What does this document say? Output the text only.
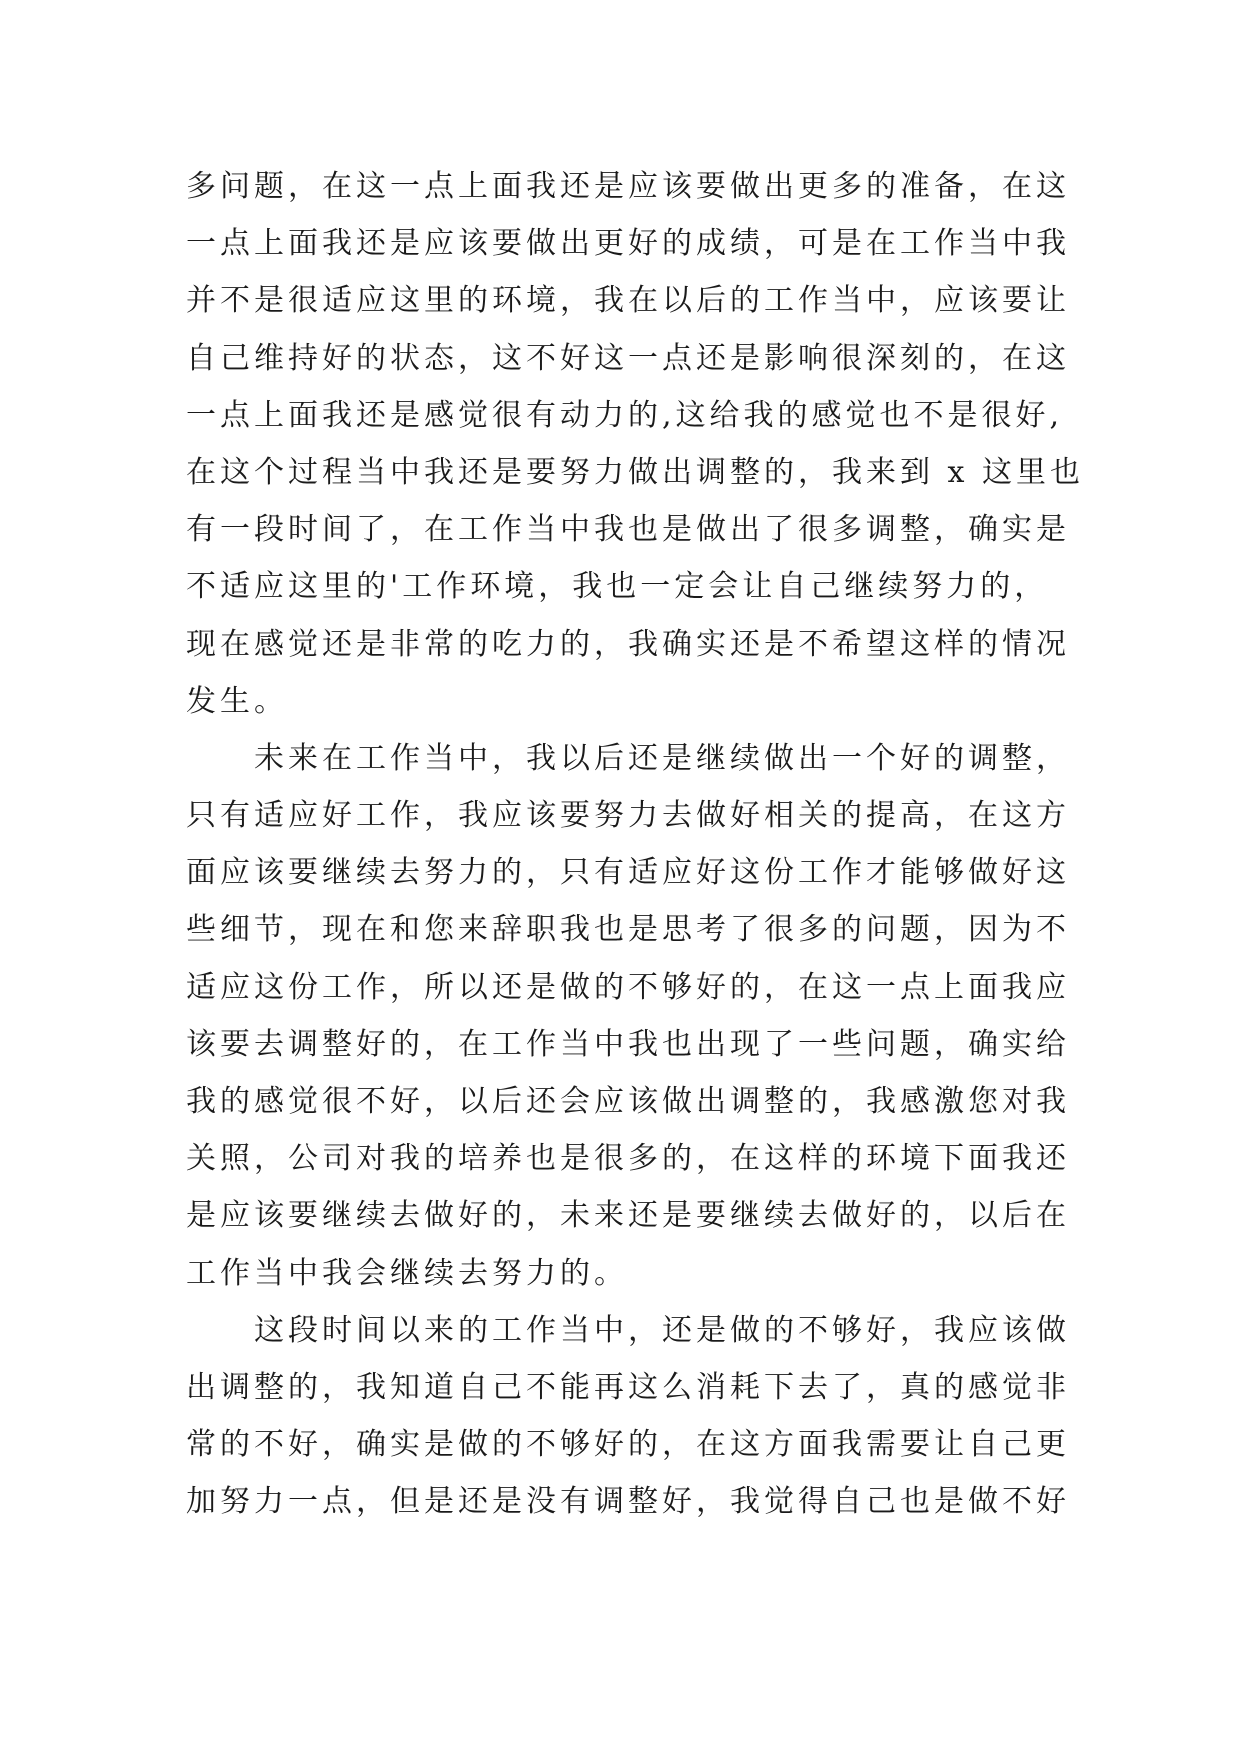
多问题，在这一点上面我还是应该要做出更多的准备，在这
一点上面我还是应该要做出更好的成绩，可是在工作当中我
并不是很适应这里的环境，我在以后的工作当中，应该要让
自己维持好的状态，这不好这一点还是影响很深刻的，在这
一点上面我还是感觉很有动力的,这给我的感觉也不是很好,
在这个过程当中我还是要努力做出调整的，我来到 x 这里也
有一段时间了，在工作当中我也是做出了很多调整，确实是
不适应这里的'工作环境，我也一定会让自己继续努力的，
现在感觉还是非常的吃力的，我确实还是不希望这样的情况
发生。
未来在工作当中，我以后还是继续做出一个好的调整，
只有适应好工作，我应该要努力去做好相关的提高，在这方
面应该要继续去努力的，只有适应好这份工作才能够做好这
些细节，现在和您来辞职我也是思考了很多的问题，因为不
适应这份工作，所以还是做的不够好的，在这一点上面我应
该要去调整好的，在工作当中我也出现了一些问题，确实给
我的感觉很不好，以后还会应该做出调整的，我感激您对我
关照，公司对我的培养也是很多的，在这样的环境下面我还
是应该要继续去做好的，未来还是要继续去做好的，以后在
工作当中我会继续去努力的。
这段时间以来的工作当中，还是做的不够好，我应该做
出调整的，我知道自己不能再这么消耗下去了，真的感觉非
常的不好，确实是做的不够好的，在这方面我需要让自己更
加努力一点，但是还是没有调整好，我觉得自己也是做不好
